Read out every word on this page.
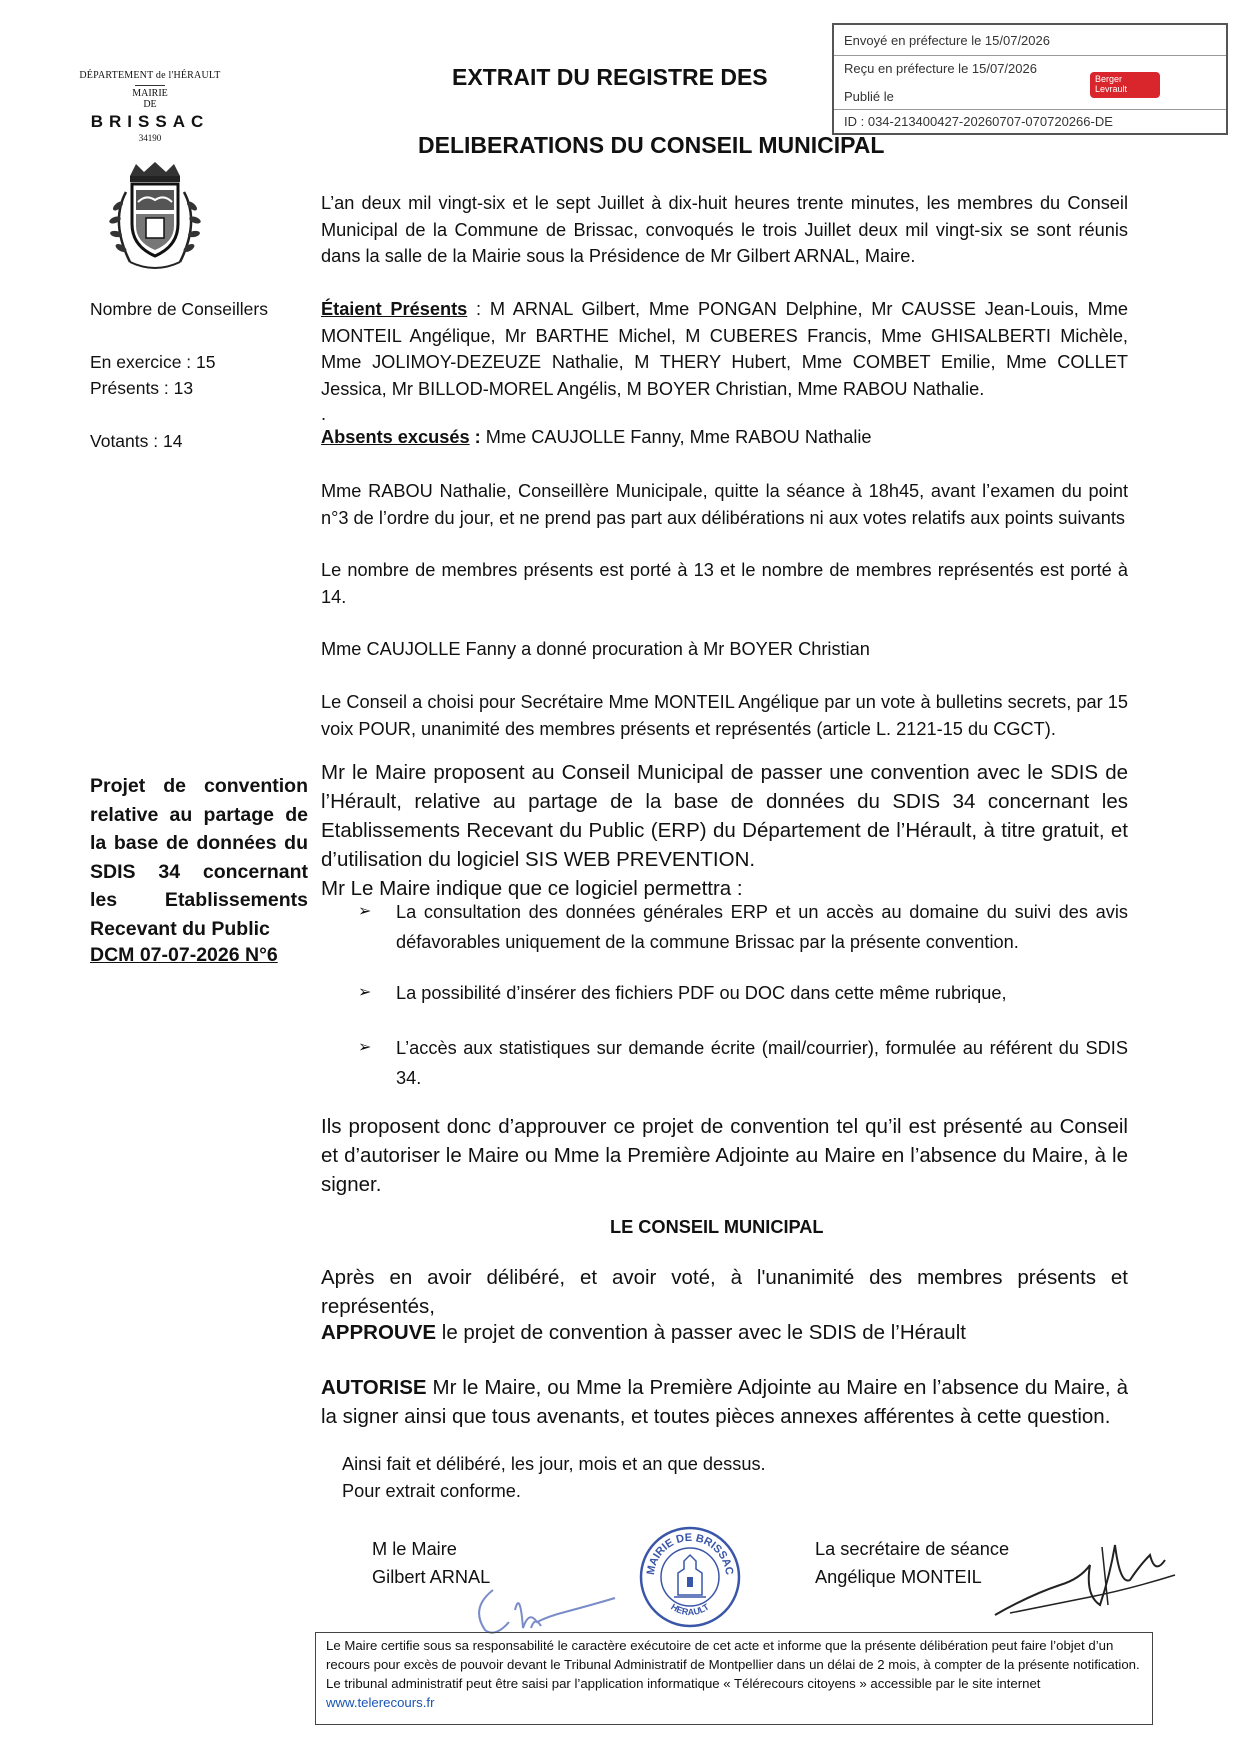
DÉPARTEMENT de l'HÉRAULT
MAIRIE
DE
BRISSAC
34190
EXTRAIT DU REGISTRE DES
DELIBERATIONS DU CONSEIL MUNICIPAL
Envoyé en préfecture le 15/07/2026
Reçu en préfecture le 15/07/2026
Publié le
ID : 034-213400427-20260707-070720266-DE
Berger
Levrault
Nombre de Conseillers
En exercice : 15
Présents : 13
Votants : 14
Projet de convention
relative au partage de
la base de données du
SDIS 34 concernant
les Etablissements
Recevant du Public
DCM 07-07-2026 N°6
L’an deux mil vingt-six et le sept Juillet à dix-huit heures trente minutes, les membres du Conseil Municipal de la Commune de Brissac, convoqués le trois Juillet deux mil vingt-six se sont réunis dans la salle de la Mairie sous la Présidence de Mr Gilbert ARNAL, Maire.
Étaient Présents : M ARNAL Gilbert, Mme PONGAN Delphine, Mr CAUSSE Jean-Louis, Mme MONTEIL Angélique, Mr BARTHE Michel, M CUBERES Francis, Mme GHISALBERTI Michèle, Mme JOLIMOY-DEZEUZE Nathalie, M THERY Hubert, Mme COMBET Emilie, Mme COLLET Jessica, Mr BILLOD-MOREL Angélis, M BOYER Christian, Mme RABOU Nathalie.
.
Absents excusés : Mme CAUJOLLE Fanny, Mme RABOU Nathalie
Mme RABOU Nathalie, Conseillère Municipale, quitte la séance à 18h45, avant l’examen du point n°3 de l’ordre du jour, et ne prend pas part aux délibérations ni aux votes relatifs aux points suivants
Le nombre de membres présents est porté à 13 et le nombre de membres représentés est porté à 14.
Mme CAUJOLLE Fanny a donné procuration à Mr BOYER Christian
Le Conseil a choisi pour Secrétaire Mme MONTEIL Angélique par un vote à bulletins secrets, par 15 voix POUR, unanimité des membres présents et représentés (article L. 2121-15 du CGCT).
Mr le Maire proposent au Conseil Municipal de passer une convention avec le SDIS de l’Hérault, relative au partage de la base de données du SDIS 34 concernant les Etablissements Recevant du Public (ERP) du Département de l’Hérault, à titre gratuit, et d’utilisation du logiciel SIS WEB PREVENTION.
Mr Le Maire indique que ce logiciel permettra :
➢ La consultation des données générales ERP et un accès au domaine du suivi des avis défavorables uniquement de la commune Brissac par la présente convention.
➢ La possibilité d’insérer des fichiers PDF ou DOC dans cette même rubrique,
➢ L’accès aux statistiques sur demande écrite (mail/courrier), formulée au référent du SDIS 34.
Ils proposent donc d’approuver ce projet de convention tel qu’il est présenté au Conseil et d’autoriser le Maire ou Mme la Première Adjointe au Maire en l’absence du Maire, à le signer.
LE CONSEIL MUNICIPAL
Après en avoir délibéré, et avoir voté, à l'unanimité des membres présents et représentés,
APPROUVE le projet de convention à passer avec le SDIS de l’Hérault
AUTORISE Mr le Maire, ou Mme la Première Adjointe au Maire en l’absence du Maire, à la signer ainsi que tous avenants, et toutes pièces annexes afférentes à cette question.
Ainsi fait et délibéré, les jour, mois et an que dessus.
Pour extrait conforme.
M le Maire
Gilbert ARNAL
La secrétaire de séance
Angélique MONTEIL
MAIRIE DE BRISSAC
HERAULT
Le Maire certifie sous sa responsabilité le caractère exécutoire de cet acte et informe que la présente délibération peut faire l’objet d’un recours pour excès de pouvoir devant le Tribunal Administratif de Montpellier dans un délai de 2 mois, à compter de la présente notification. Le tribunal administratif peut être saisi par l’application informatique « Télérecours citoyens » accessible par le site internet
www.telerecours.fr
